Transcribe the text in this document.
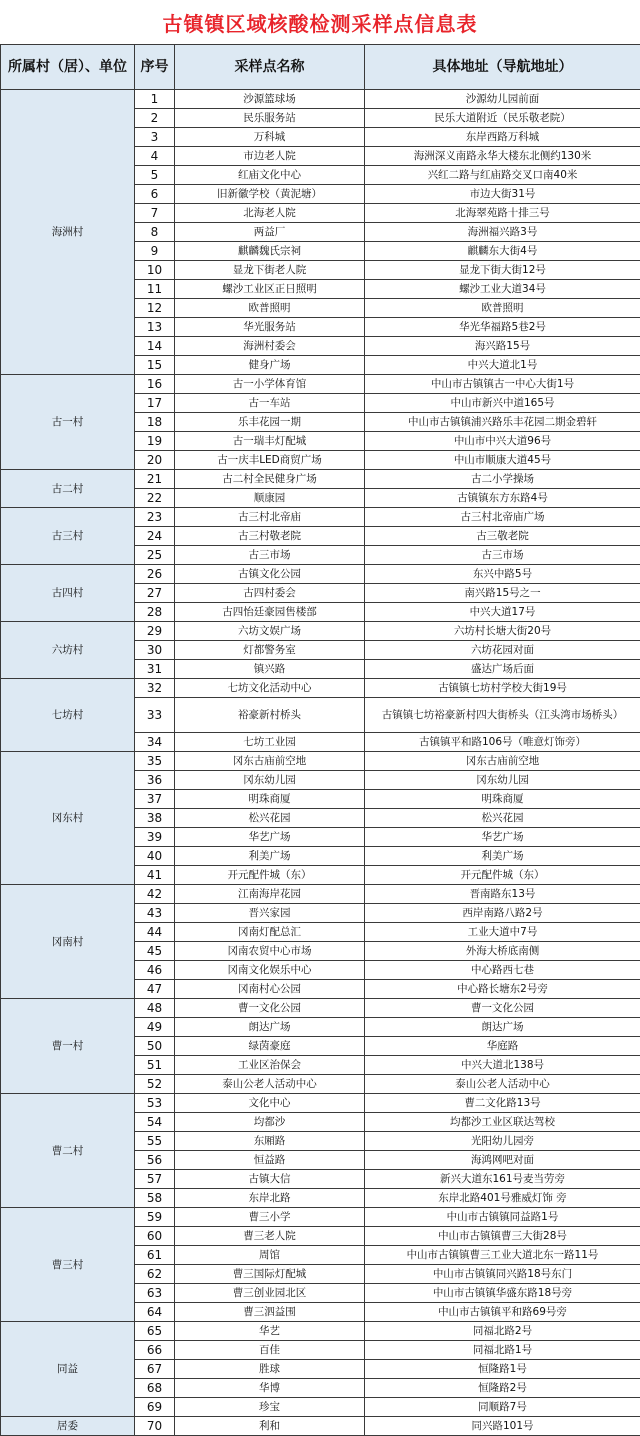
古镇镇区域核酸检测采样点信息表
所属村（居）、单位	序号	采样点名称	具体地址（导航地址）
海洲村	1	沙源篮球场	沙源幼儿园前面
	2	民乐服务站	民乐大道附近（民乐敬老院）
	3	万科城	东岸西路万科城
	4	市边老人院	海洲深义南路永华大楼东北侧约130米
	5	红庙文化中心	兴红二路与红庙路交叉口南40米
	6	旧新徽学校（黄泥塘）	市边大街31号
	7	北海老人院	北海翠苑路十排三号
	8	两益厂	海洲福兴路3号
	9	麒麟魏氏宗祠	麒麟东大街4号
	10	显龙下街老人院	显龙下街大街12号
	11	螺沙工业区正日照明	螺沙工业大道34号
	12	欧普照明	欧普照明
	13	华光服务站	华光华福路5巷2号
	14	海洲村委会	海兴路15号
	15	健身广场	中兴大道北1号
古一村	16	古一小学体育馆	中山市古镇镇古一中心大街1号
	17	古一车站	中山市新兴中道165号
	18	乐丰花园一期	中山市古镇镇浦兴路乐丰花园二期金碧轩
	19	古一瑞丰灯配城	中山市中兴大道96号
	20	古一庆丰LED商贸广场	中山市顺康大道45号
古二村	21	古二村全民健身广场	古二小学操场
	22	顺康园	古镇镇东方东路4号
古三村	23	古三村北帝庙	古三村北帝庙广场
	24	古三村敬老院	古三敬老院
	25	古三市场	古三市场
古四村	26	古镇文化公园	东兴中路5号
	27	古四村委会	南兴路15号之一
	28	古四怡廷豪园售楼部	中兴大道17号
六坊村	29	六坊文娱广场	六坊村长塘大街20号
	30	灯都警务室	六坊花园对面
	31	镇兴路	盛达广场后面
七坊村	32	七坊文化活动中心	古镇镇七坊村学校大街19号
	33	裕豪新村桥头	古镇镇七坊裕豪新村四大街桥头（江头湾市场桥头）
	34	七坊工业园	古镇镇平和路106号（唯意灯饰旁）
冈东村	35	冈东古庙前空地	冈东古庙前空地
	36	冈东幼儿园	冈东幼儿园
	37	明珠商厦	明珠商厦
	38	松兴花园	松兴花园
	39	华艺广场	华艺广场
	40	利美广场	利美广场
	41	开元配件城（东）	开元配件城（东）
冈南村	42	江南海岸花园	晋南路东13号
	43	晋兴家园	西岸南路八路2号
	44	冈南灯配总汇	工业大道中7号
	45	冈南农贸中心市场	外海大桥底南侧
	46	冈南文化娱乐中心	中心路西七巷
	47	冈南村心公园	中心路长塘东2号旁
曹一村	48	曹一文化公园	曹一文化公园
	49	朗达广场	朗达广场
	50	绿茵豪庭	华庭路
	51	工业区治保会	中兴大道北138号
	52	泰山公老人活动中心	泰山公老人活动中心
曹二村	53	文化中心	曹二文化路13号
	54	均都沙	均都沙工业区联达驾校
	55	东厢路	光阳幼儿园旁
	56	恒益路	海鸿网吧对面
	57	古镇大信	新兴大道东161号麦当劳旁
	58	东岸北路	东岸北路401号雅威灯饰 旁
曹三村	59	曹三小学	中山市古镇镇同益路1号
	60	曹三老人院	中山市古镇镇曹三大街28号
	61	周馆	中山市古镇镇曹三工业大道北东一路11号
	62	曹三国际灯配城	中山市古镇镇同兴路18号东门
	63	曹三创业园北区	中山市古镇镇华盛东路18号旁
	64	曹三泗益围	中山市古镇镇平和路69号旁
同益	65	华艺	同福北路2号
	66	百佳	同福北路1号
	67	胜球	恒隆路1号
	68	华博	恒隆路2号
	69	珍宝	同顺路7号
居委	70	利和	同兴路101号
